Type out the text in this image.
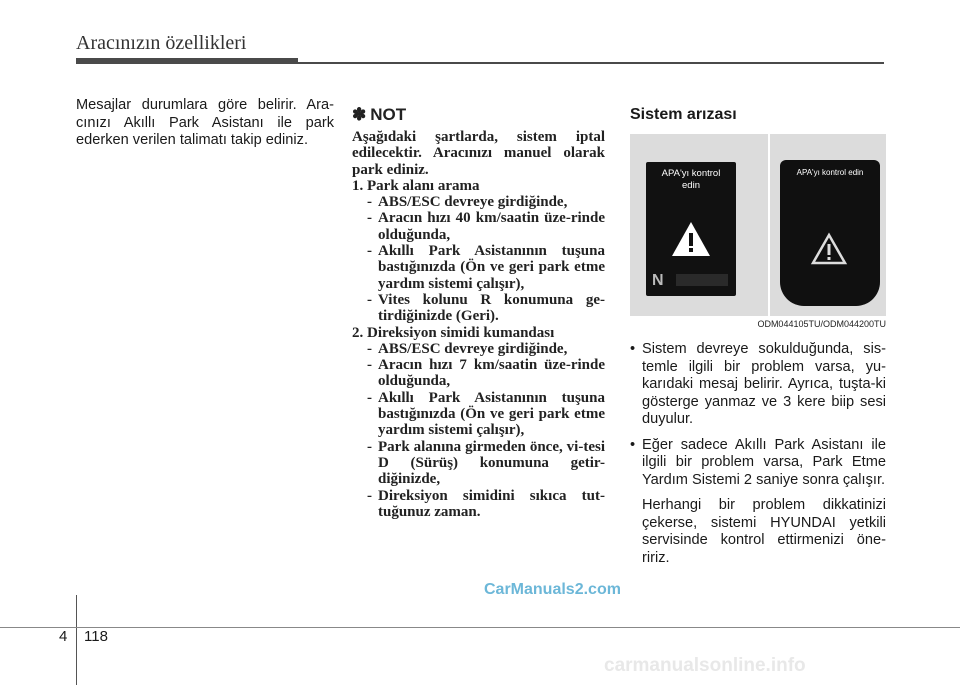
Aracınızın özellikleri
Mesajlar durumlara göre belirir. Ara-cınızı Akıllı Park Asistanı ile park ederken verilen talimatı takip ediniz.
✽ NOT
Aşağıdaki şartlarda, sistem iptal edilecektir. Aracınızı manuel olarak park ediniz.
1. Park alanı arama
- ABS/ESC devreye girdiğinde,
- Aracın hızı 40 km/saatin üze-rinde olduğunda,
- Akıllı Park Asistanının tuşuna bastığınızda (Ön ve geri park etme yardım sistemi çalışır),
- Vites kolunu R konumuna ge-tirdiğinizde (Geri).
2. Direksiyon simidi kumandası
- ABS/ESC devreye girdiğinde,
- Aracın hızı 7 km/saatin üze-rinde olduğunda,
- Akıllı Park Asistanının tuşuna bastığınızda (Ön ve geri park etme yardım sistemi çalışır),
- Park alanına girmeden önce, vi-tesi D (Sürüş) konumuna getir-diğinizde,
- Direksiyon simidini sıkıca tut-tuğunuz zaman.
Sistem arızası
APA'yı kontrol edin
N
APA'yı kontrol edin
ODM044105TU/ODM044200TU
• Sistem devreye sokulduğunda, sis-temle ilgili bir problem varsa, yu-karıdaki mesaj belirir. Ayrıca, tuşta-ki gösterge yanmaz ve 3 kere biip sesi duyulur.
• Eğer sadece Akıllı Park Asistanı ile ilgili bir problem varsa, Park Etme Yardım Sistemi 2 saniye sonra çalışır.
Herhangi bir problem dikkatinizi çekerse, sistemi HYUNDAI yetkili servisinde kontrol ettirmenizi öne-ririz.
CarManuals2.com
4 118
carmanualsonline.info
